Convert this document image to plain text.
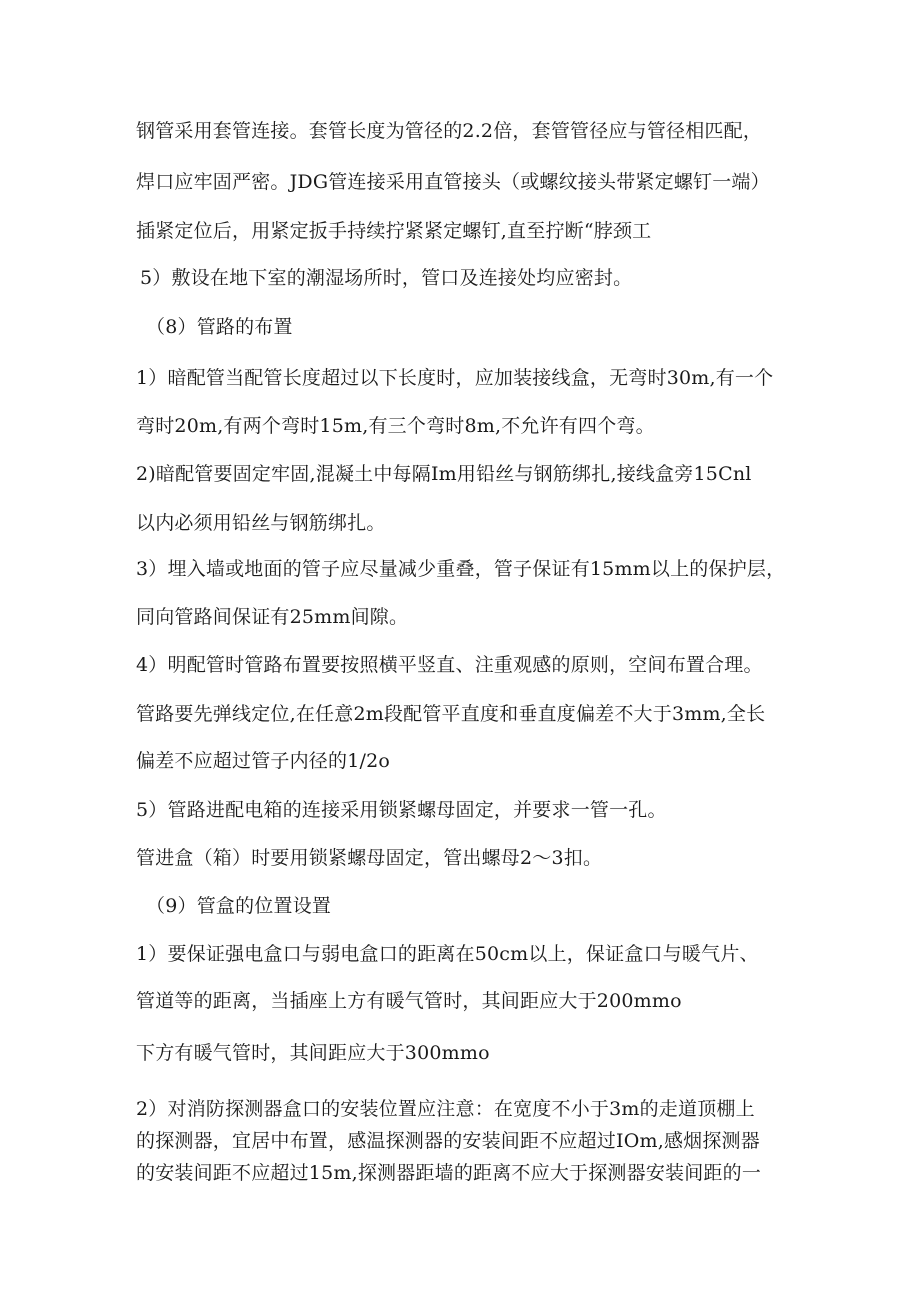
钢管采用套管连接。套管长度为管径的2.2倍，套管管径应与管径相匹配，
焊口应牢固严密。JDG管连接采用直管接头（或螺纹接头带紧定螺钉一端）
插紧定位后，用紧定扳手持续拧紧紧定螺钉,直至拧断“脖颈工
5）敷设在地下室的潮湿场所时，管口及连接处均应密封。
（8）管路的布置
1）暗配管当配管长度超过以下长度时，应加装接线盒，无弯时30m,有一个
弯时20m,有两个弯时15m,有三个弯时8m,不允许有四个弯。
2)暗配管要固定牢固,混凝土中每隔Im用铅丝与钢筋绑扎,接线盒旁15Cnl
以内必须用铅丝与钢筋绑扎。
3）埋入墙或地面的管子应尽量减少重叠，管子保证有15mm以上的保护层，
同向管路间保证有25mm间隙。
4）明配管时管路布置要按照横平竖直、注重观感的原则，空间布置合理。
管路要先弹线定位,在任意2m段配管平直度和垂直度偏差不大于3mm,全长
偏差不应超过管子内径的1/2o
5）管路进配电箱的连接采用锁紧螺母固定，并要求一管一孔。
管进盒（箱）时要用锁紧螺母固定，管出螺母2〜3扣。
（9）管盒的位置设置
1）要保证强电盒口与弱电盒口的距离在50cm以上，保证盒口与暖气片、
管道等的距离，当插座上方有暖气管时，其间距应大于200mmo
下方有暖气管时，其间距应大于300mmo
2）对消防探测器盒口的安装位置应注意：在宽度不小于3m的走道顶棚上
的探测器，宜居中布置，感温探测器的安装间距不应超过IOm,感烟探测器
的安装间距不应超过15m,探测器距墙的距离不应大于探测器安装间距的一
